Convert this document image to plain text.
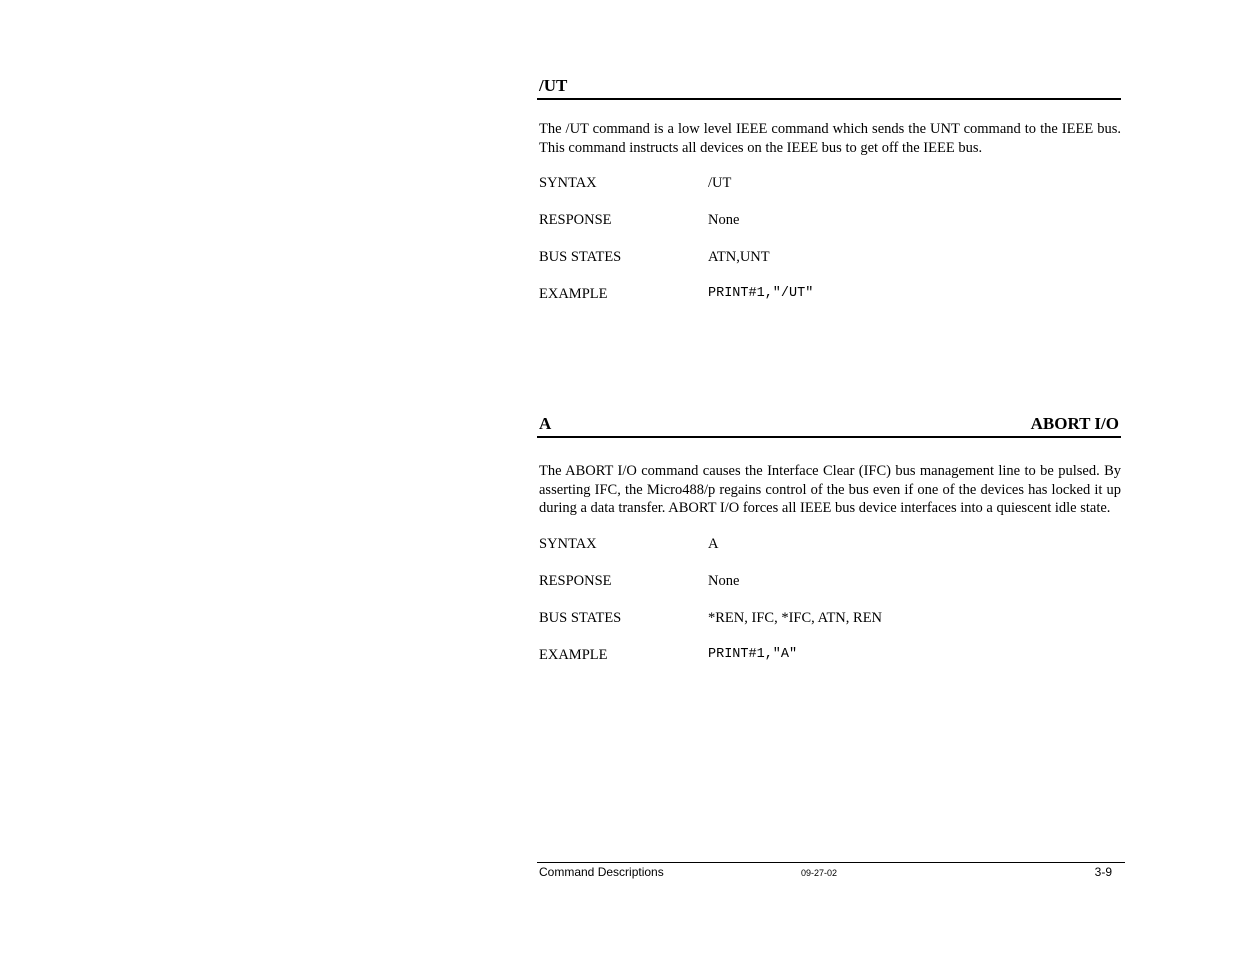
/UT

The /UT command is a low level IEEE command which sends the UNT command to the IEEE bus. This command instructs all devices on the IEEE bus to get off the IEEE bus.

SYNTAX	/UT
RESPONSE	None
BUS STATES	ATN,UNT
EXAMPLE	PRINT#1,"/UT"
A	ABORT I/O

The ABORT I/O command causes the Interface Clear (IFC) bus management line to be pulsed. By asserting IFC, the Micro488/p regains control of the bus even if one of the devices has locked it up during a data transfer. ABORT I/O forces all IEEE bus device interfaces into a quiescent idle state.

SYNTAX	A
RESPONSE	None
BUS STATES	*REN, IFC, *IFC, ATN, REN
EXAMPLE	PRINT#1,"A"
Command Descriptions	09-27-02	3-9
